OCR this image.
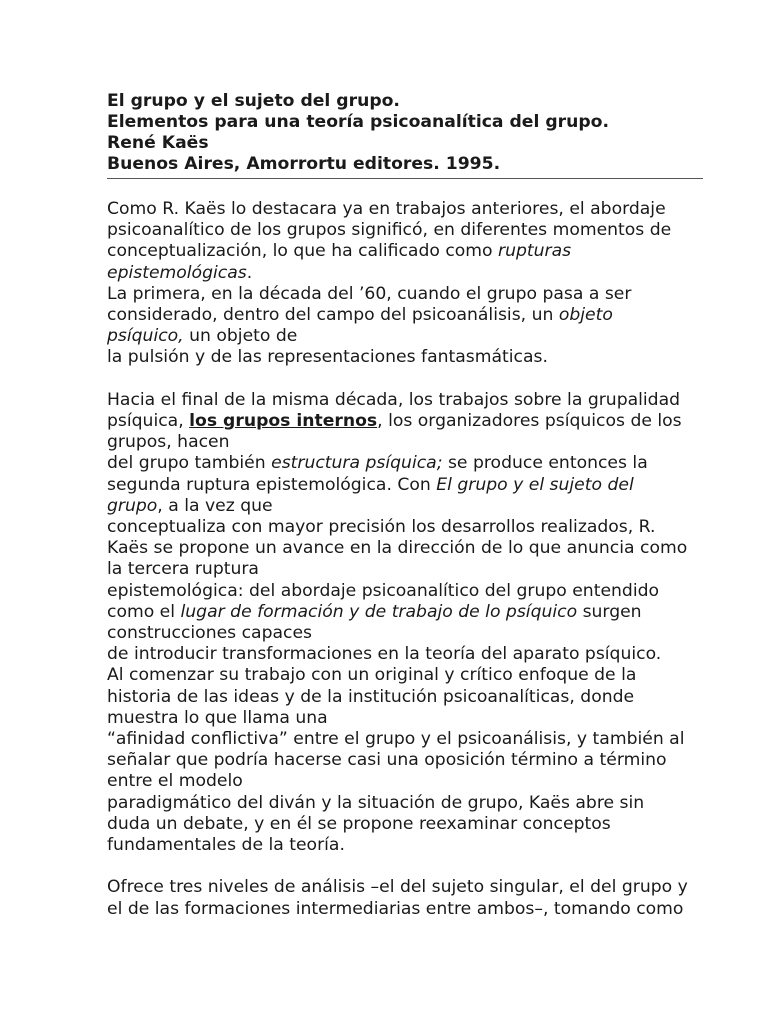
El grupo y el sujeto del grupo.
Elementos para una teoría psicoanalítica del grupo.
René Kaës
Buenos Aires, Amorrortu editores. 1995.
Como R. Kaës lo destacara ya en trabajos anteriores, el abordaje
psicoanalítico de los grupos significó, en diferentes momentos de
conceptualización, lo que ha calificado como rupturas
epistemológicas.
La primera, en la década del ’60, cuando el grupo pasa a ser
considerado, dentro del campo del psicoanálisis, un objeto
psíquico, un objeto de
la pulsión y de las representaciones fantasmáticas.
Hacia el final de la misma década, los trabajos sobre la grupalidad
psíquica, los grupos internos, los organizadores psíquicos de los
grupos, hacen
del grupo también estructura psíquica; se produce entonces la
segunda ruptura epistemológica. Con El grupo y el sujeto del
grupo, a la vez que
conceptualiza con mayor precisión los desarrollos realizados, R.
Kaës se propone un avance en la dirección de lo que anuncia como
la tercera ruptura
epistemológica: del abordaje psicoanalítico del grupo entendido
como el lugar de formación y de trabajo de lo psíquico surgen
construcciones capaces
de introducir transformaciones en la teoría del aparato psíquico.
Al comenzar su trabajo con un original y crítico enfoque de la
historia de las ideas y de la institución psicoanalíticas, donde
muestra lo que llama una
“afinidad conflictiva” entre el grupo y el psicoanálisis, y también al
señalar que podría hacerse casi una oposición término a término
entre el modelo
paradigmático del diván y la situación de grupo, Kaës abre sin
duda un debate, y en él se propone reexaminar conceptos
fundamentales de la teoría.
Ofrece tres niveles de análisis –el del sujeto singular, el del grupo y
el de las formaciones intermediarias entre ambos–, tomando como
